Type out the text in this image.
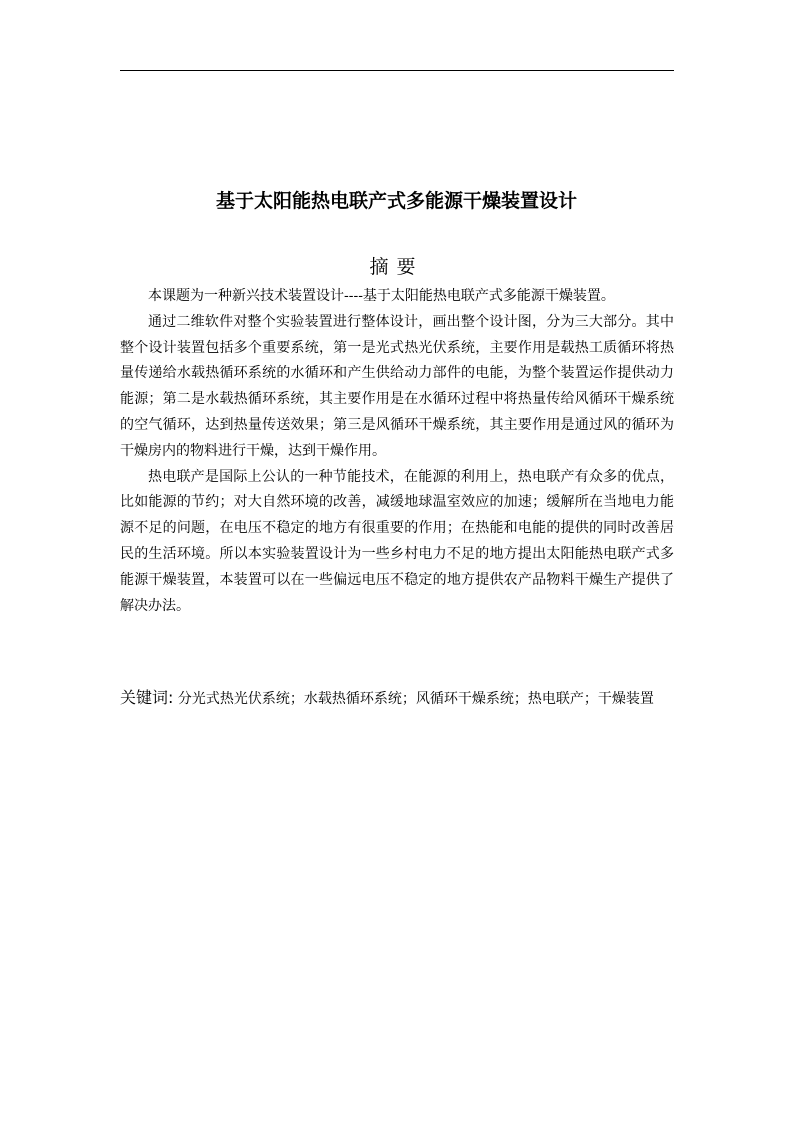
基于太阳能热电联产式多能源干燥装置设计
摘要

本课题为一种新兴技术装置设计----基于太阳能热电联产式多能源干燥装置。

通过二维软件对整个实验装置进行整体设计，画出整个设计图，分为三大部分。其中整个设计装置包括多个重要系统，第一是光式热光伏系统，主要作用是载热工质循环将热量传递给水载热循环系统的水循环和产生供给动力部件的电能，为整个装置运作提供动力能源；第二是水载热循环系统，其主要作用是在水循环过程中将热量传给风循环干燥系统的空气循环，达到热量传送效果；第三是风循环干燥系统，其主要作用是通过风的循环为干燥房内的物料进行干燥，达到干燥作用。

热电联产是国际上公认的一种节能技术，在能源的利用上，热电联产有众多的优点，比如能源的节约；对大自然环境的改善，减缓地球温室效应的加速；缓解所在当地电力能源不足的问题，在电压不稳定的地方有很重要的作用；在热能和电能的提供的同时改善居民的生活环境。所以本实验装置设计为一些乡村电力不足的地方提出太阳能热电联产式多能源干燥装置，本装置可以在一些偏远电压不稳定的地方提供农产品物料干燥生产提供了解决办法。

关键词: 分光式热光伏系统；水载热循环系统；风循环干燥系统；热电联产；干燥装置
